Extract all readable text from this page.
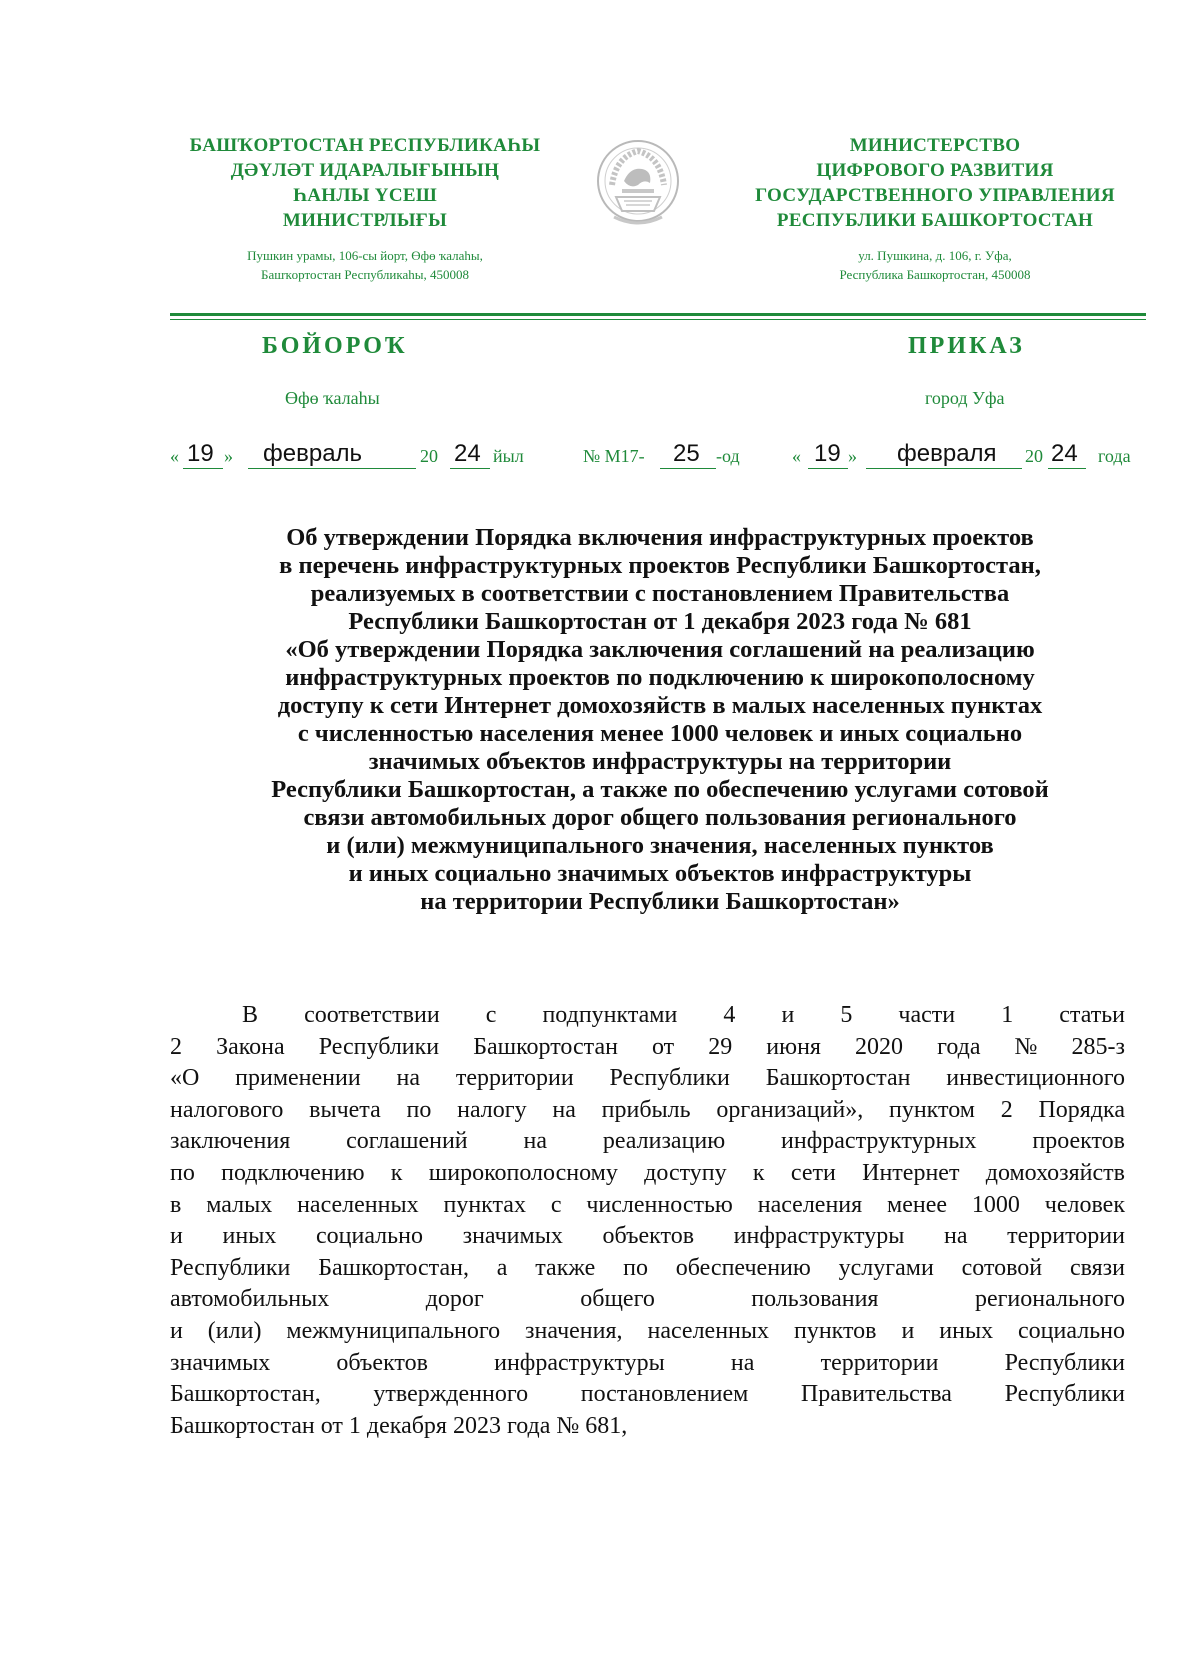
БАШҠОРТОСТАН РЕСПУБЛИКАҺЫ
ДӘҮЛӘТ ИДАРАЛЫҒЫНЫҢ
ҺАНЛЫ ҮСЕШ
МИНИСТРЛЫҒЫ
Пушкин урамы, 106-сы йорт, Өфө ҡалаһы,
Башҡортостан Республикаһы, 450008
МИНИСТЕРСТВО
ЦИФРОВОГО РАЗВИТИЯ
ГОСУДАРСТВЕННОГО УПРАВЛЕНИЯ
РЕСПУБЛИКИ БАШКОРТОСТАН
ул. Пушкина, д. 106, г. Уфа,
Республика Башкортостан, 450008
БОЙОРОҠ	ПРИКАЗ
Өфө ҡалаһы	город Уфа
« 19 » февраль	20 24 йыл	№ М17- 25 -од	« 19 » февраля 20 24 года
Об утверждении Порядка включения инфраструктурных проектов
в перечень инфраструктурных проектов Республики Башкортостан,
реализуемых в соответствии с постановлением Правительства
Республики Башкортостан от 1 декабря 2023 года № 681
«Об утверждении Порядка заключения соглашений на реализацию
инфраструктурных проектов по подключению к широкополосному
доступу к сети Интернет домохозяйств в малых населенных пунктах
с численностью населения менее 1000 человек и иных социально
значимых объектов инфраструктуры на территории
Республики Башкортостан, а также по обеспечению услугами сотовой
связи автомобильных дорог общего пользования регионального
и (или) межмуниципального значения, населенных пунктов
и иных социально значимых объектов инфраструктуры
на территории Республики Башкортостан»
В соответствии с подпунктами 4 и 5 части 1 статьи
2 Закона Республики Башкортостан от 29 июня 2020 года № 285-з
«О применении на территории Республики Башкортостан инвестиционного
налогового вычета по налогу на прибыль организаций», пунктом 2 Порядка
заключения соглашений на реализацию инфраструктурных проектов
по подключению к широкополосному доступу к сети Интернет домохозяйств
в малых населенных пунктах с численностью населения менее 1000 человек
и иных социально значимых объектов инфраструктуры на территории
Республики Башкортостан, а также по обеспечению услугами сотовой связи
автомобильных дорог общего пользования регионального
и (или) межмуниципального значения, населенных пунктов и иных социально
значимых объектов инфраструктуры на территории Республики
Башкортостан, утвержденного постановлением Правительства Республики
Башкортостан от 1 декабря 2023 года № 681,
